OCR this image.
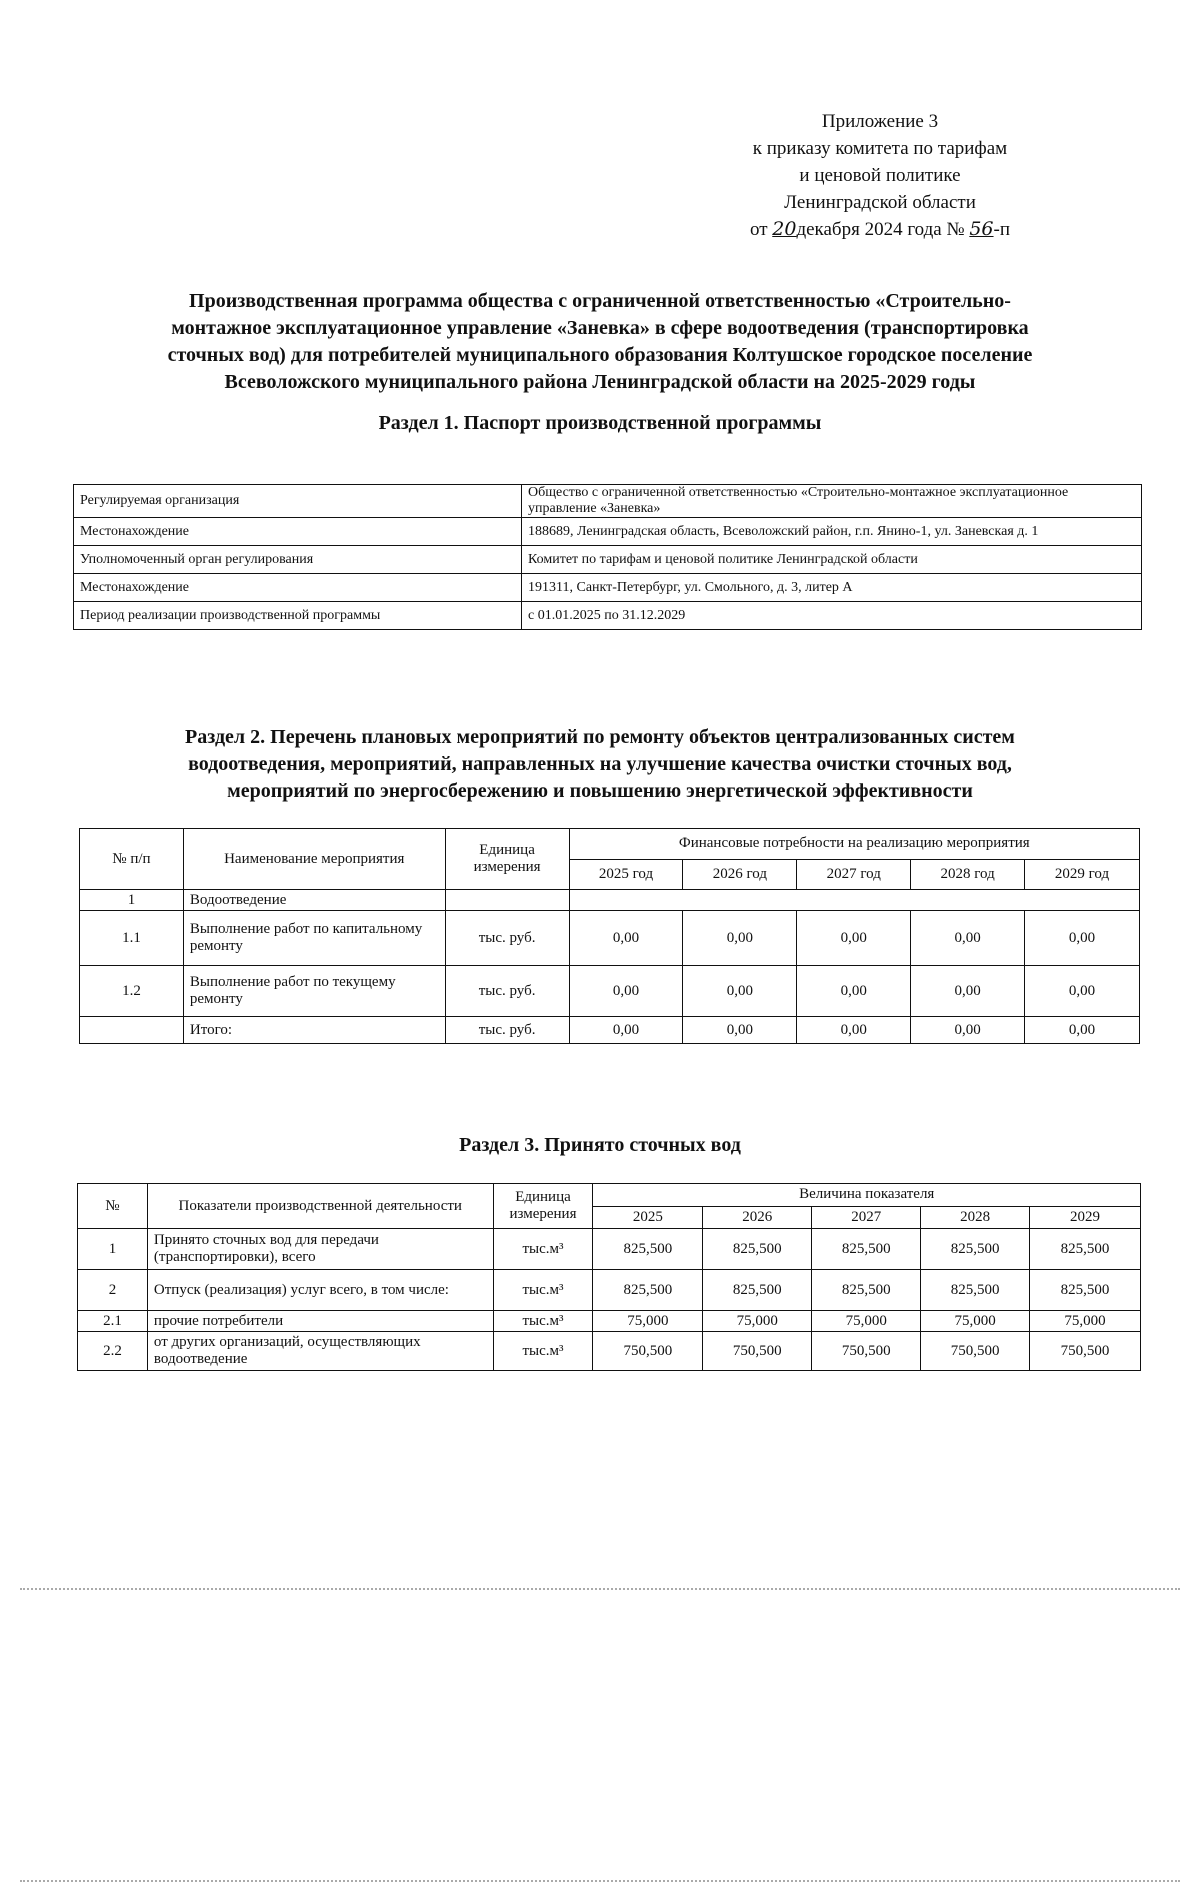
Приложение 3
к приказу комитета по тарифам
и ценовой политике
Ленинградской области
от 20декабря 2024 года № 56-п
Производственная программа общества с ограниченной ответственностью «Строительно-
монтажное эксплуатационное управление «Заневка» в сфере водоотведения (транспортировка
сточных вод) для потребителей муниципального образования Колтушское городское поселение
Всеволожского муниципального района Ленинградской области на 2025-2029 годы
Раздел 1. Паспорт производственной программы
Регулируемая организация	Общество с ограниченной ответственностью «Строительно-монтажное эксплуатационное управление «Заневка»
Местонахождение	188689, Ленинградская область, Всеволожский район, г.п. Янино-1, ул. Заневская д. 1
Уполномоченный орган регулирования	Комитет по тарифам и ценовой политике Ленинградской области
Местонахождение	191311, Санкт-Петербург, ул. Смольного, д. 3, литер А
Период реализации производственной программы	с 01.01.2025 по 31.12.2029
Раздел 2. Перечень плановых мероприятий по ремонту объектов централизованных систем
водоотведения, мероприятий, направленных на улучшение качества очистки сточных вод,
мероприятий по энергосбережению и повышению энергетической эффективности
№ п/п	Наименование мероприятия	Единица измерения	Финансовые потребности на реализацию мероприятия				
			2025 год	2026 год	2027 год	2028 год	2029 год
1	Водоотведение						
1.1	Выполнение работ по капитальному ремонту	тыс. руб.	0,00	0,00	0,00	0,00	0,00
1.2	Выполнение работ по текущему ремонту	тыс. руб.	0,00	0,00	0,00	0,00	0,00
	Итого:	тыс. руб.	0,00	0,00	0,00	0,00	0,00
Раздел 3. Принято сточных вод
№	Показатели производственной деятельности	Единица измерения	Величина показателя				
			2025	2026	2027	2028	2029
1	Принято сточных вод для передачи (транспортировки), всего	тыс.м³	825,500	825,500	825,500	825,500	825,500
2	Отпуск (реализация) услуг всего, в том числе:	тыс.м³	825,500	825,500	825,500	825,500	825,500
2.1	прочие потребители	тыс.м³	75,000	75,000	75,000	75,000	75,000
2.2	от других организаций, осуществляющих водоотведение	тыс.м³	750,500	750,500	750,500	750,500	750,500
